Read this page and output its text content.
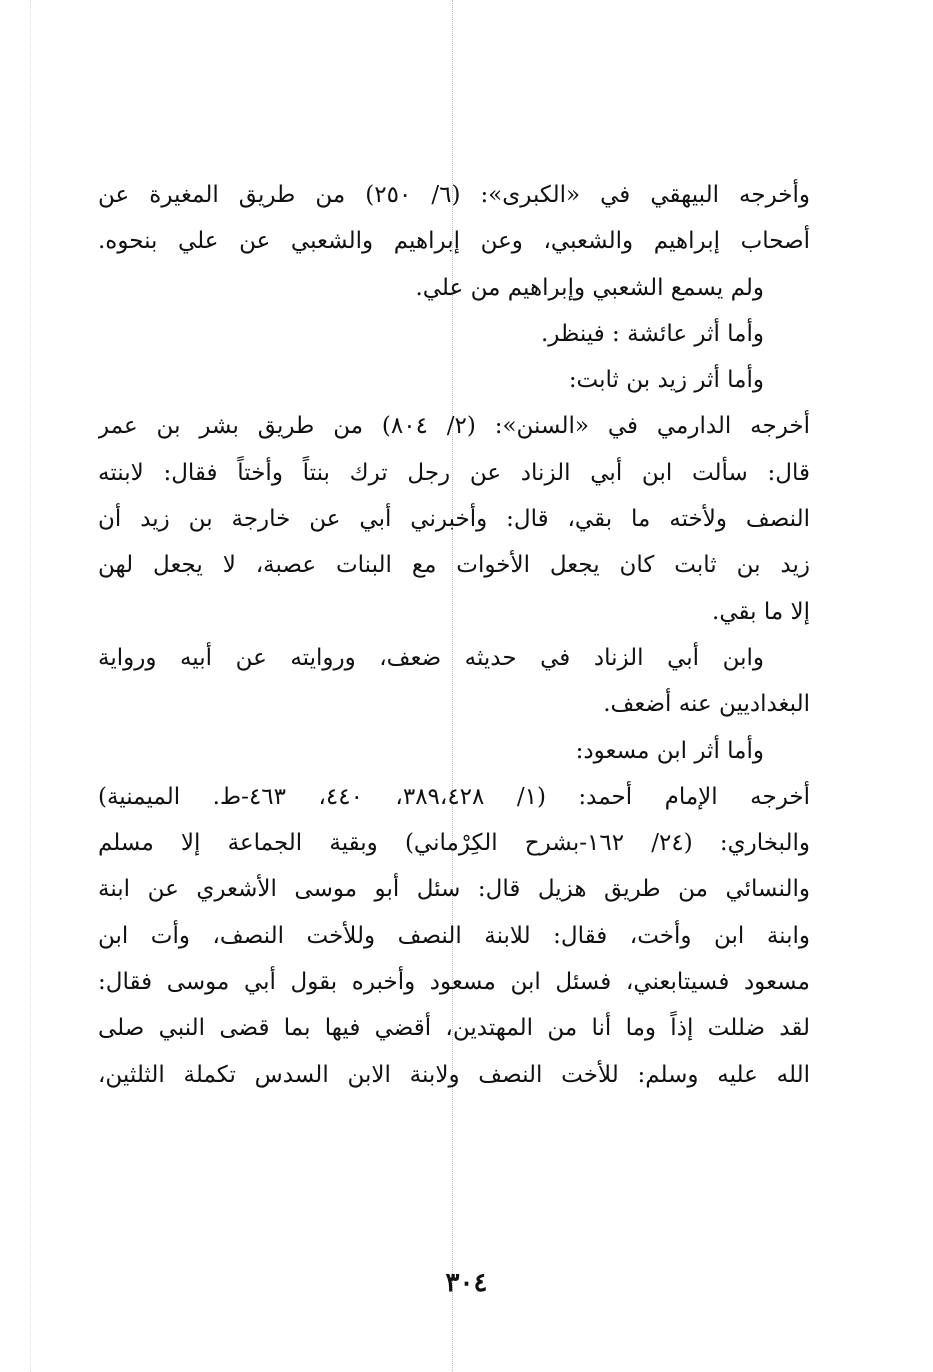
وأخرجه البيهقي في «الكبرى»: (٦/ ٢٥٠) من طريق المغيرة عن
أصحاب إبراهيم والشعبي، وعن إبراهيم والشعبي عن علي بنحوه.
ولم يسمع الشعبي وإبراهيم من علي.
وأما أثر عائشة : فينظر.
وأما أثر زيد بن ثابت:
أخرجه الدارمي في «السنن»: (٢/ ٨٠٤) من طريق بشر بن عمر
قال: سألت ابن أبي الزناد عن رجل ترك بنتاً وأختاً فقال: لابنته
النصف ولأخته ما بقي، قال: وأخبرني أبي عن خارجة بن زيد أن
زيد بن ثابت كان يجعل الأخوات مع البنات عصبة، لا يجعل لهن
إلا ما بقي.
وابن أبي الزناد في حديثه ضعف، وروايته عن أبيه ورواية
البغداديين عنه أضعف.
وأما أثر ابن مسعود:
أخرجه الإمام أحمد: (١/ ٣٨٩،٤٢٨، ٤٤٠، ٤٦٣-ط. الميمنية)
والبخاري: (٢٤/ ١٦٢-بشرح الكِرْماني) وبقية الجماعة إلا مسلم
والنسائي من طريق هزيل قال: سئل أبو موسى الأشعري عن ابنة
وابنة ابن وأخت، فقال: للابنة النصف وللأخت النصف، وأت ابن
مسعود فسيتابعني، فسئل ابن مسعود وأخبره بقول أبي موسى فقال:
لقد ضللت إذاً وما أنا من المهتدين، أقضي فيها بما قضى النبي صلى
الله عليه وسلم: للأخت النصف ولابنة الابن السدس تكملة الثلثين،
٣٠٤
